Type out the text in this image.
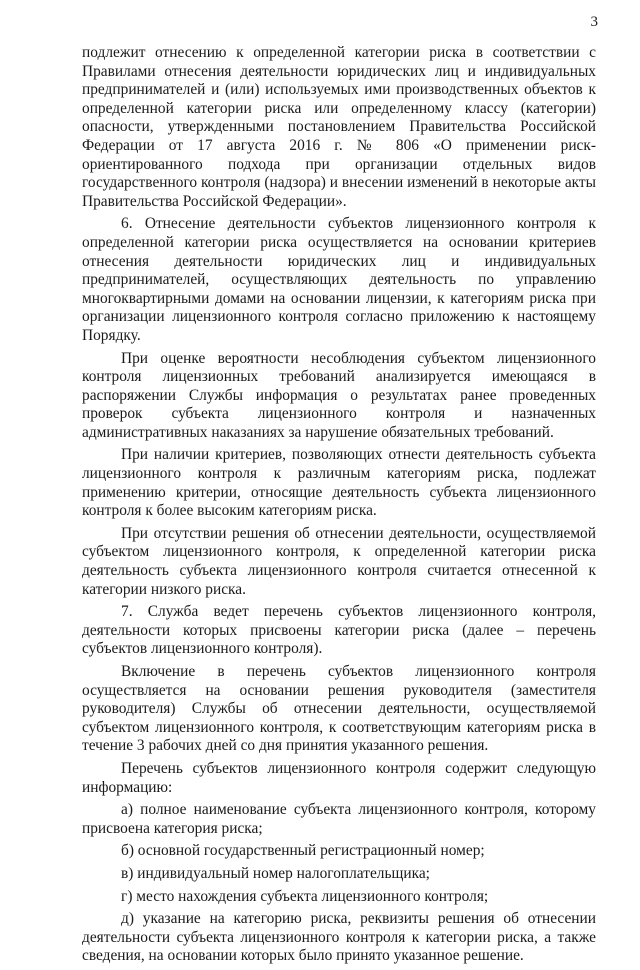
3

подлежит отнесению к определенной категории риска в соответствии с Правилами отнесения деятельности юридических лиц и индивидуальных предпринимателей и (или) используемых ими производственных объектов к определенной категории риска или определенному классу (категории) опасности, утвержденными постановлением Правительства Российской Федерации от 17 августа 2016 г. № 806 «О применении риск-ориентированного подхода при организации отдельных видов государственного контроля (надзора) и внесении изменений в некоторые акты Правительства Российской Федерации».

6. Отнесение деятельности субъектов лицензионного контроля к определенной категории риска осуществляется на основании критериев отнесения деятельности юридических лиц и индивидуальных предпринимателей, осуществляющих деятельность по управлению многоквартирными домами на основании лицензии, к категориям риска при организации лицензионного контроля согласно приложению к настоящему Порядку.

При оценке вероятности несоблюдения субъектом лицензионного контроля лицензионных требований анализируется имеющаяся в распоряжении Службы информация о результатах ранее проведенных проверок субъекта лицензионного контроля и назначенных административных наказаниях за нарушение обязательных требований.

При наличии критериев, позволяющих отнести деятельность субъекта лицензионного контроля к различным категориям риска, подлежат применению критерии, относящие деятельность субъекта лицензионного контроля к более высоким категориям риска.

При отсутствии решения об отнесении деятельности, осуществляемой субъектом лицензионного контроля, к определенной категории риска деятельность субъекта лицензионного контроля считается отнесенной к категории низкого риска.

7. Служба ведет перечень субъектов лицензионного контроля, деятельности которых присвоены категории риска (далее – перечень субъектов лицензионного контроля).

Включение в перечень субъектов лицензионного контроля осуществляется на основании решения руководителя (заместителя руководителя) Службы об отнесении деятельности, осуществляемой субъектом лицензионного контроля, к соответствующим категориям риска в течение 3 рабочих дней со дня принятия указанного решения.

Перечень субъектов лицензионного контроля содержит следующую информацию:

а) полное наименование субъекта лицензионного контроля, которому присвоена категория риска;

б) основной государственный регистрационный номер;

в) индивидуальный номер налогоплательщика;

г) место нахождения субъекта лицензионного контроля;

д) указание на категорию риска, реквизиты решения об отнесении деятельности субъекта лицензионного контроля к категории риска, а также сведения, на основании которых было принято указанное решение.
